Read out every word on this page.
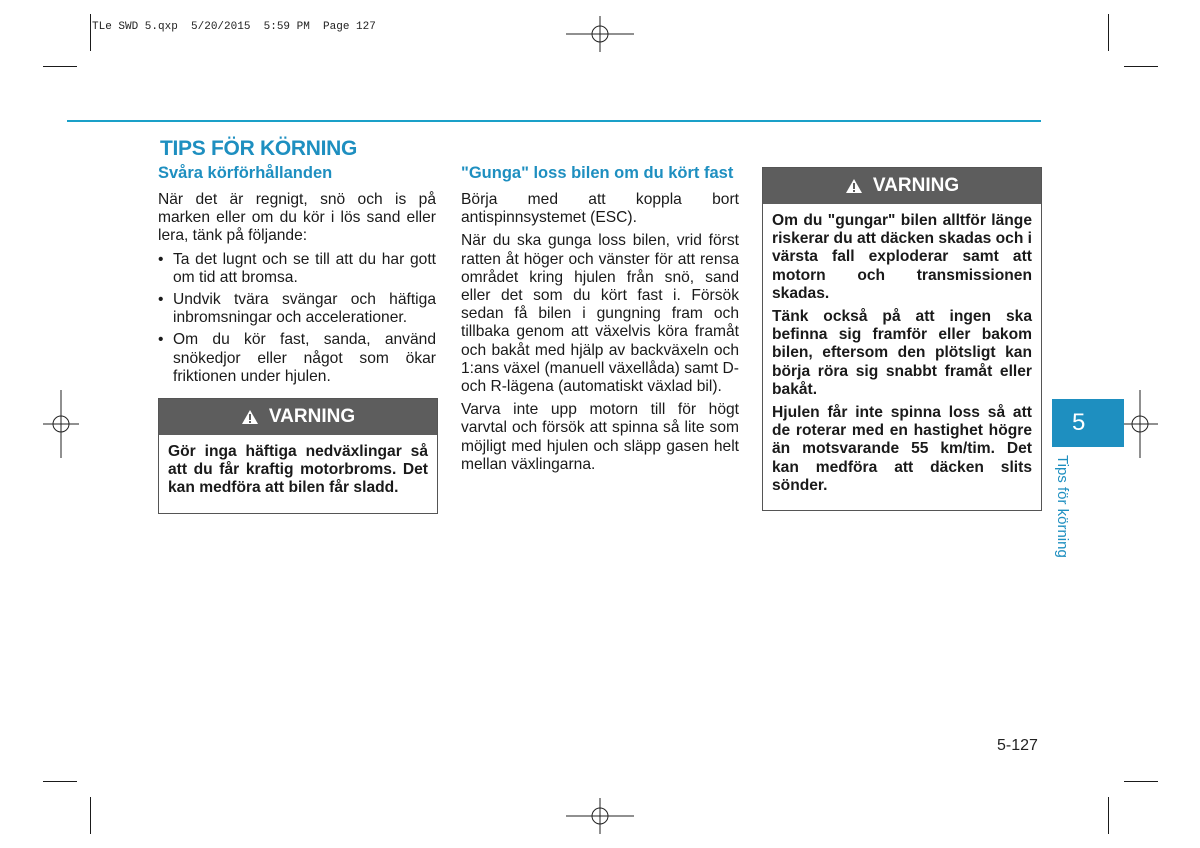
TLe SWD 5.qxp  5/20/2015  5:59 PM  Page 127
TIPS FÖR KÖRNING
Svåra körförhållanden

När det är regnigt, snö och is på marken eller om du kör i lös sand eller lera, tänk på följande:

• Ta det lugnt och se till att du har gott om tid att bromsa.
• Undvik tvära svängar och häftiga inbromsningar och accelerationer.
• Om du kör fast, sanda, använd snökedjor eller något som ökar friktionen under hjulen.
VARNING

Gör inga häftiga nedväxlingar så att du får kraftig motorbroms. Det kan medföra att bilen får sladd.

"Gunga" loss bilen om du kört fast

Börja med att koppla bort antispinnsystemet (ESC).

När du ska gunga loss bilen, vrid först ratten åt höger och vänster för att rensa området kring hjulen från snö, sand eller det som du kört fast i. Försök sedan få bilen i gungning fram och tillbaka genom att växelvis köra framåt och bakåt med hjälp av backväxeln och 1:ans växel (manuell växellåda) samt D- och R-lägena (automatiskt växlad bil).

Varva inte upp motorn till för högt varvtal och försök att spinna så lite som möjligt med hjulen och släpp gasen helt mellan växlingarna.

VARNING

Om du "gungar" bilen alltför länge riskerar du att däcken skadas och i värsta fall exploderar samt att motorn och transmissionen skadas.

Tänk också på att ingen ska befinna sig framför eller bakom bilen, eftersom den plötsligt kan börja röra sig snabbt framåt eller bakåt.

Hjulen får inte spinna loss så att de roterar med en hastighet högre än motsvarande 55 km/tim. Det kan medföra att däcken slits sönder.

5
Tips för körning
5-127
